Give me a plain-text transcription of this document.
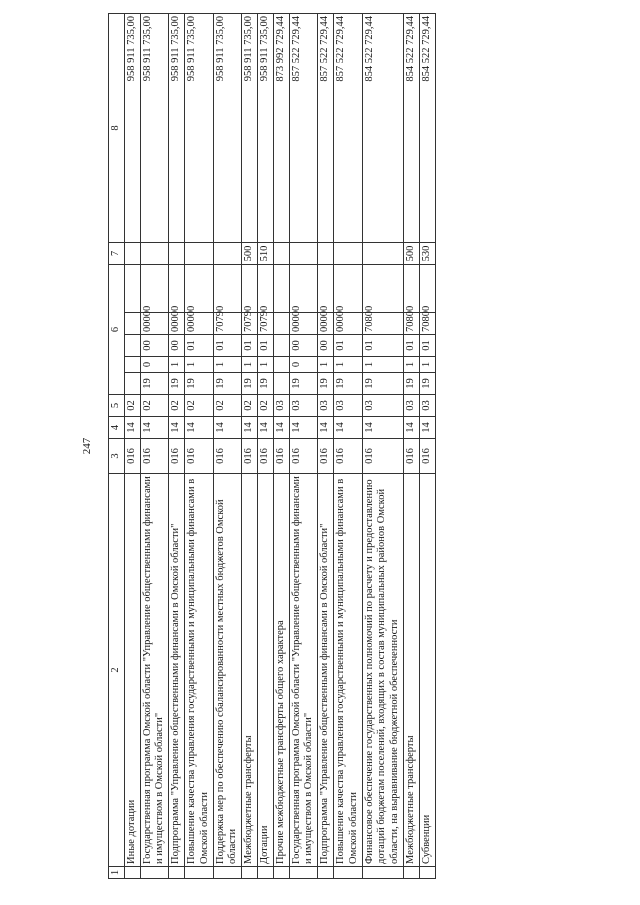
247
1	2	3	4	5	6					7	8
	Иные дотации	016	14	02							958 911 735,00
	Государственная программа Омской области "Управление общественными финансами и имуществом в Омской области"	016	14	02	19	0	00	00000			958 911 735,00
	Подпрограмма "Управление общественными финансами в Омской области"	016	14	02	19	1	00	00000			958 911 735,00
	Повышение качества управления государственными и муниципальными финансами в Омской области	016	14	02	19	1	01	00000			958 911 735,00
	Поддержка мер по обеспечению сбалансированности местных бюджетов Омской области	016	14	02	19	1	01	70790			958 911 735,00
	Межбюджетные трансферты	016	14	02	19	1	01	70790		500	958 911 735,00
	Дотации	016	14	02	19	1	01	70790		510	958 911 735,00
	Прочие межбюджетные трансферты общего характера	016	14	03							873 992 729,44
	Государственная программа Омской области "Управление общественными финансами и имуществом в Омской области"	016	14	03	19	0	00	00000			857 522 729,44
	Подпрограмма "Управление общественными финансами в Омской области"	016	14	03	19	1	00	00000			857 522 729,44
	Повышение качества управления государственными и муниципальными финансами в Омской области	016	14	03	19	1	01	00000			857 522 729,44
	Финансовое обеспечение государственных полномочий по расчету и предоставлению дотаций бюджетам поселений, входящих в состав муниципальных районов Омской области, на выравнивание бюджетной обеспеченности	016	14	03	19	1	01	70800			854 522 729,44
	Межбюджетные трансферты	016	14	03	19	1	01	70800		500	854 522 729,44
	Субвенции	016	14	03	19	1	01	70800		530	854 522 729,44
